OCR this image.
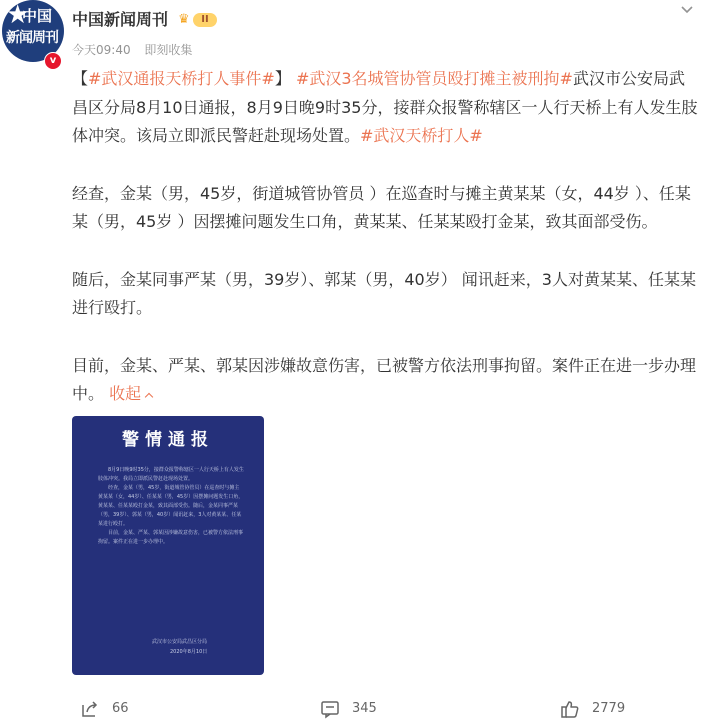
★
中国
新闻周刊
v
中国新闻周刊 ♛	II
今天09:40 即刻收集

【#武汉通报天桥打人事件#】 #武汉3名城管协管员殴打摊主被刑拘#武汉市公安局武昌区分局8月10日通报，8月9日晚9时35分，接群众报警称辖区一人行天桥上有人发生肢体冲突。该局立即派民警赶赴现场处置。#武汉天桥打人#

经查，金某（男，45岁，街道城管协管员 ）在巡查时与摊主黄某某（女，44岁 ）、任某某（男，45岁 ）因摆摊问题发生口角，黄某某、任某某殴打金某，致其面部受伤。

随后，金某同事严某（男，39岁）、郭某（男，40岁） 闻讯赶来，3人对黄某某、任某某进行殴打。

目前，金某、严某、郭某因涉嫌故意伤害，已被警方依法刑事拘留。案件正在进一步办理中。 收起

警情通报

8月9日晚9时35分，接群众报警称辖区一人行天桥上有人发生肢体冲突。我局立即派民警赶赴现场处置。

经查，金某（男，45岁，街道城管协管员）在巡查时与摊主黄某某（女，44岁）、任某某（男，45岁）因摆摊问题发生口角，黄某某、任某某殴打金某，致其面部受伤。随后，金某同事严某（男，39岁）、郭某（男，40岁）闻讯赶来，3人对黄某某、任某某进行殴打。

目前，金某、严某、郭某因涉嫌故意伤害，已被警方依法刑事拘留。案件正在进一步办理中。

武汉市公安局武昌区分局
2020年8月10日
66	345	2779
